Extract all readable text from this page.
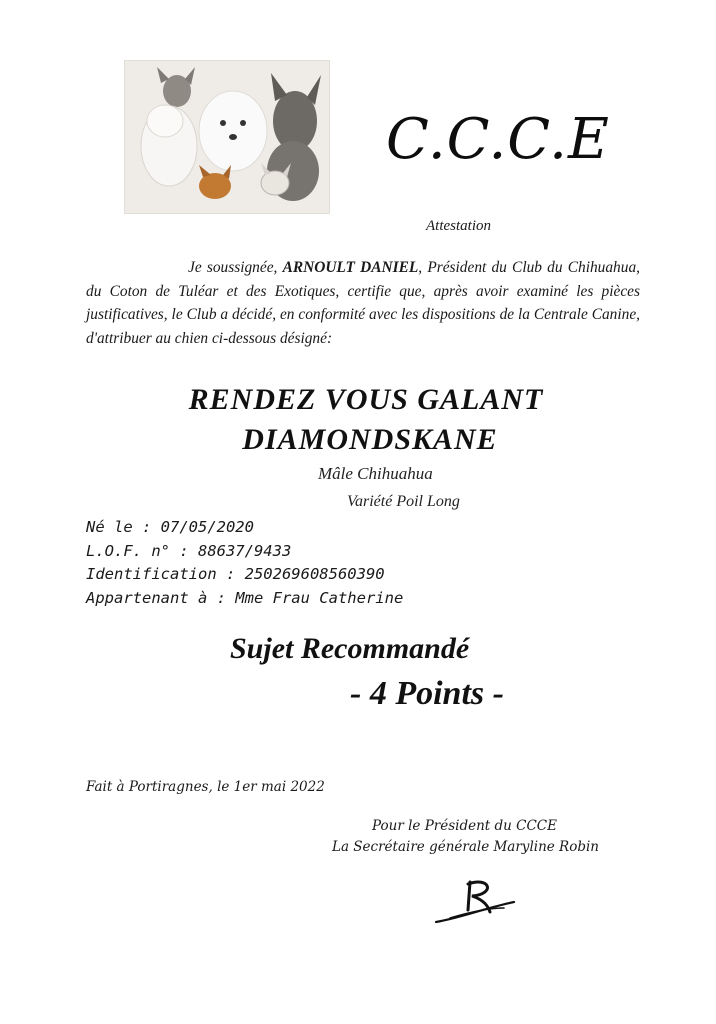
C.C.C.E
Attestation

Je soussignée, ARNOULT DANIEL, Président du Club du Chihuahua, du Coton de Tuléar et des Exotiques, certifie que, après avoir examiné les pièces justificatives, le Club a décidé, en conformité avec les dispositions de la Centrale Canine, d'attribuer au chien ci-dessous désigné:

RENDEZ VOUS GALANT
DIAMONDSKANE
Mâle Chihuahua
Variété Poil Long
Né le : 07/05/2020
L.O.F. n° : 88637/9433
Identification : 250269608560390
Appartenant à : Mme Frau Catherine
Sujet Recommandé
- 4 Points -
Fait à Portiragnes, le 1er mai 2022
Pour le Président du CCCE
La Secrétaire générale Maryline Robin
